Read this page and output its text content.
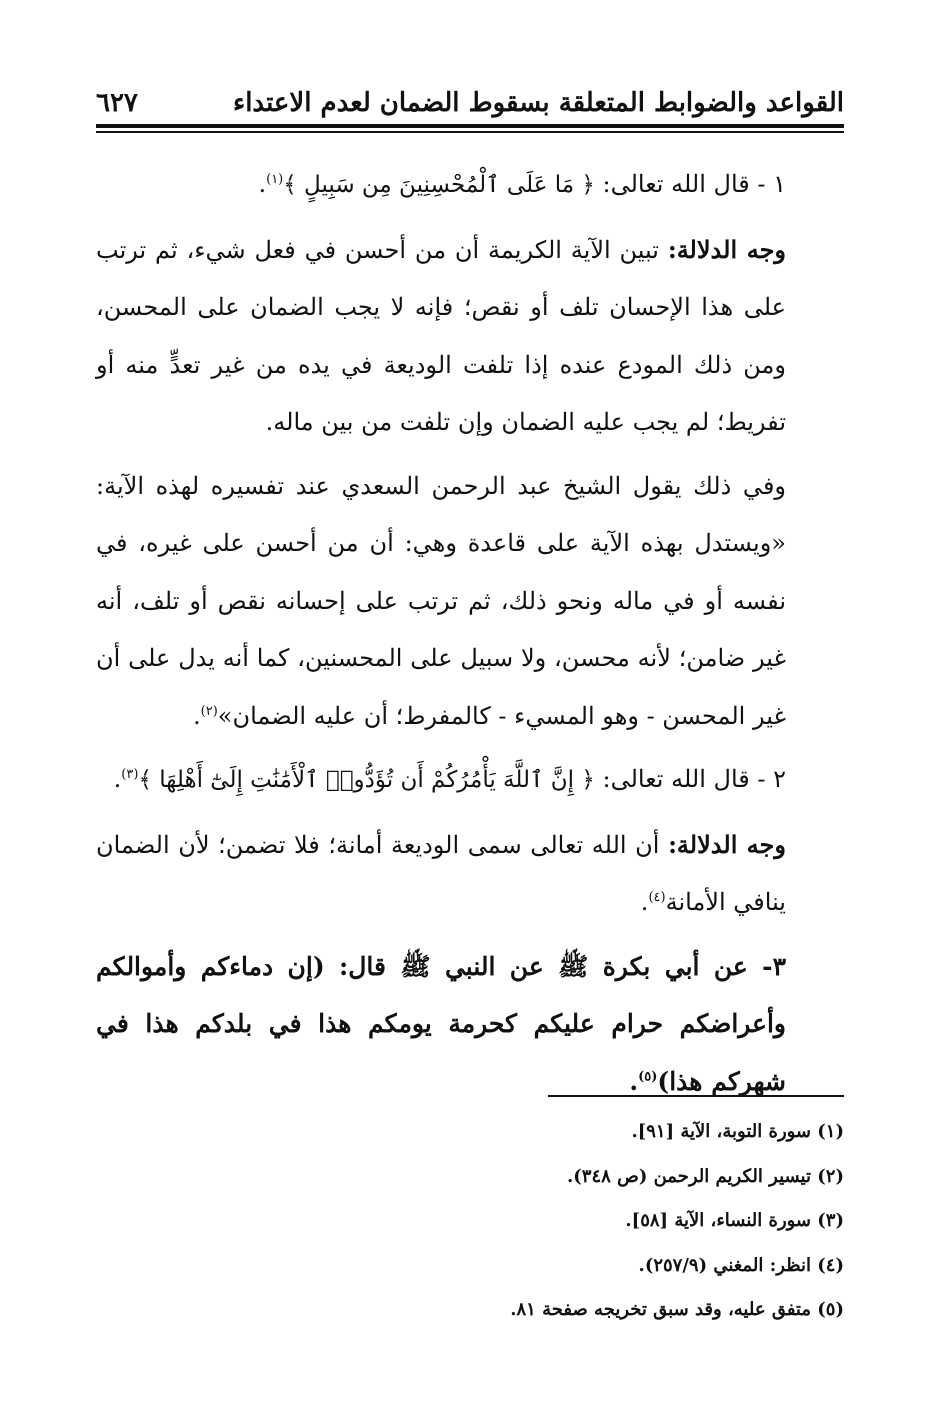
القواعد والضوابط المتعلقة بسقوط الضمان لعدم الاعتداء
٦٢٧

١ - قال الله تعالى: ﴿ مَا عَلَى ٱلْمُحْسِنِينَ مِن سَبِيلٍ ﴾$^{(١)}$.

وجه الدلالة: تبين الآية الكريمة أن من أحسن في فعل شيء، ثم ترتب على هذا الإحسان تلف أو نقص؛ فإنه لا يجب الضمان على المحسن، ومن ذلك المودع عنده إذا تلفت الوديعة في يده من غير تعدٍّ منه أو تفريط؛ لم يجب عليه الضمان وإن تلفت من بين ماله.

وفي ذلك يقول الشيخ عبد الرحمن السعدي عند تفسيره لهذه الآية: «ويستدل بهذه الآية على قاعدة وهي: أن من أحسن على غيره، في نفسه أو في ماله ونحو ذلك، ثم ترتب على إحسانه نقص أو تلف، أنه غير ضامن؛ لأنه محسن، ولا سبيل على المحسنين، كما أنه يدل على أن غير المحسن - وهو المسيء - كالمفرط؛ أن عليه الضمان»$^{(٢)}$.

٢ - قال الله تعالى: ﴿ إِنَّ ٱللَّهَ يَأْمُرُكُمْ أَن تُؤَدُّوا۟ ٱلْأَمَٰنَٰتِ إِلَىٰٓ أَهْلِهَا ﴾$^{(٣)}$.

وجه الدلالة: أن الله تعالى سمى الوديعة أمانة؛ فلا تضمن؛ لأن الضمان ينافي الأمانة$^{(٤)}$.

٣- عن أبي بكرة ﷺ عن النبي ﷺ قال: (إن دماءكم وأموالكم وأعراضكم حرام عليكم كحرمة يومكم هذا في بلدكم هذا في شهركم هذا)$^{(٥)}$.

(١) سورة التوبة، الآية [٩١].
(٢) تيسير الكريم الرحمن (ص ٣٤٨).
(٣) سورة النساء، الآية [٥٨].
(٤) انظر: المغني (٢٥٧/٩).
(٥) متفق عليه، وقد سبق تخريجه صفحة ٨١.
